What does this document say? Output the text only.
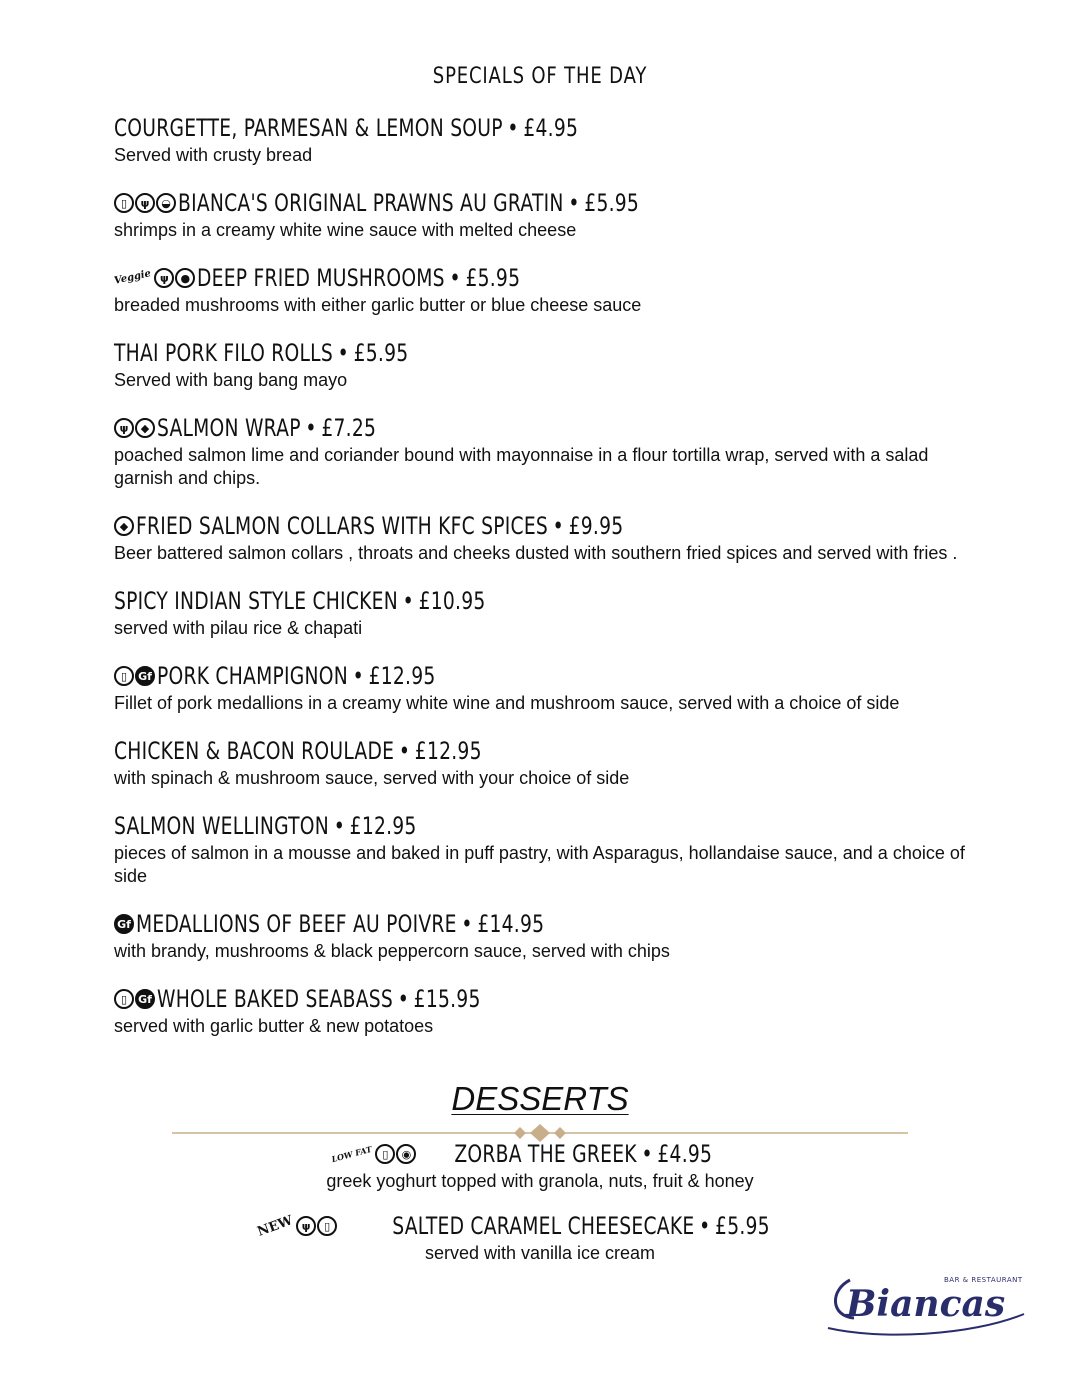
SPECIALS OF THE DAY
COURGETTE, PARMESAN & LEMON SOUP • £4.95
Served with crusty bread
▯	ψ	◒ BIANCA'S ORIGINAL PRAWNS AU GRATIN • £5.95
shrimps in a creamy white wine sauce with melted cheese
Veggie ψ	● DEEP FRIED MUSHROOMS • £5.95
breaded mushrooms with either garlic butter or blue cheese sauce
THAI PORK FILO ROLLS • £5.95
Served with bang bang mayo
ψ	◆ SALMON WRAP • £7.25
poached salmon lime and coriander bound with mayonnaise in a flour tortilla wrap, served with a salad garnish and chips.
◆ FRIED SALMON COLLARS WITH KFC SPICES • £9.95
Beer battered salmon collars , throats and cheeks dusted with southern fried spices and served with fries .
SPICY INDIAN STYLE CHICKEN • £10.95
served with pilau rice & chapati
▯	Gf PORK CHAMPIGNON • £12.95
Fillet of pork medallions in a creamy white wine and mushroom sauce, served with a choice of side
CHICKEN & BACON ROULADE • £12.95
with spinach & mushroom sauce, served with your choice of side
SALMON WELLINGTON • £12.95
pieces of salmon in a mousse and baked in puff pastry, with Asparagus, hollandaise sauce, and a choice of side
Gf MEDALLIONS OF BEEF AU POIVRE • £14.95
with brandy, mushrooms & black peppercorn sauce, served with chips
▯	Gf WHOLE BAKED SEABASS • £15.95
served with garlic butter & new potatoes
DESSERTS
LOW FAT ▯	◉ ZORBA THE GREEK • £4.95
greek yoghurt topped with granola, nuts, fruit & honey
NEW ψ	▯	SALTED CARAMEL CHEESECAKE • £5.95
served with vanilla ice cream
Biancas
BAR & RESTAURANT
